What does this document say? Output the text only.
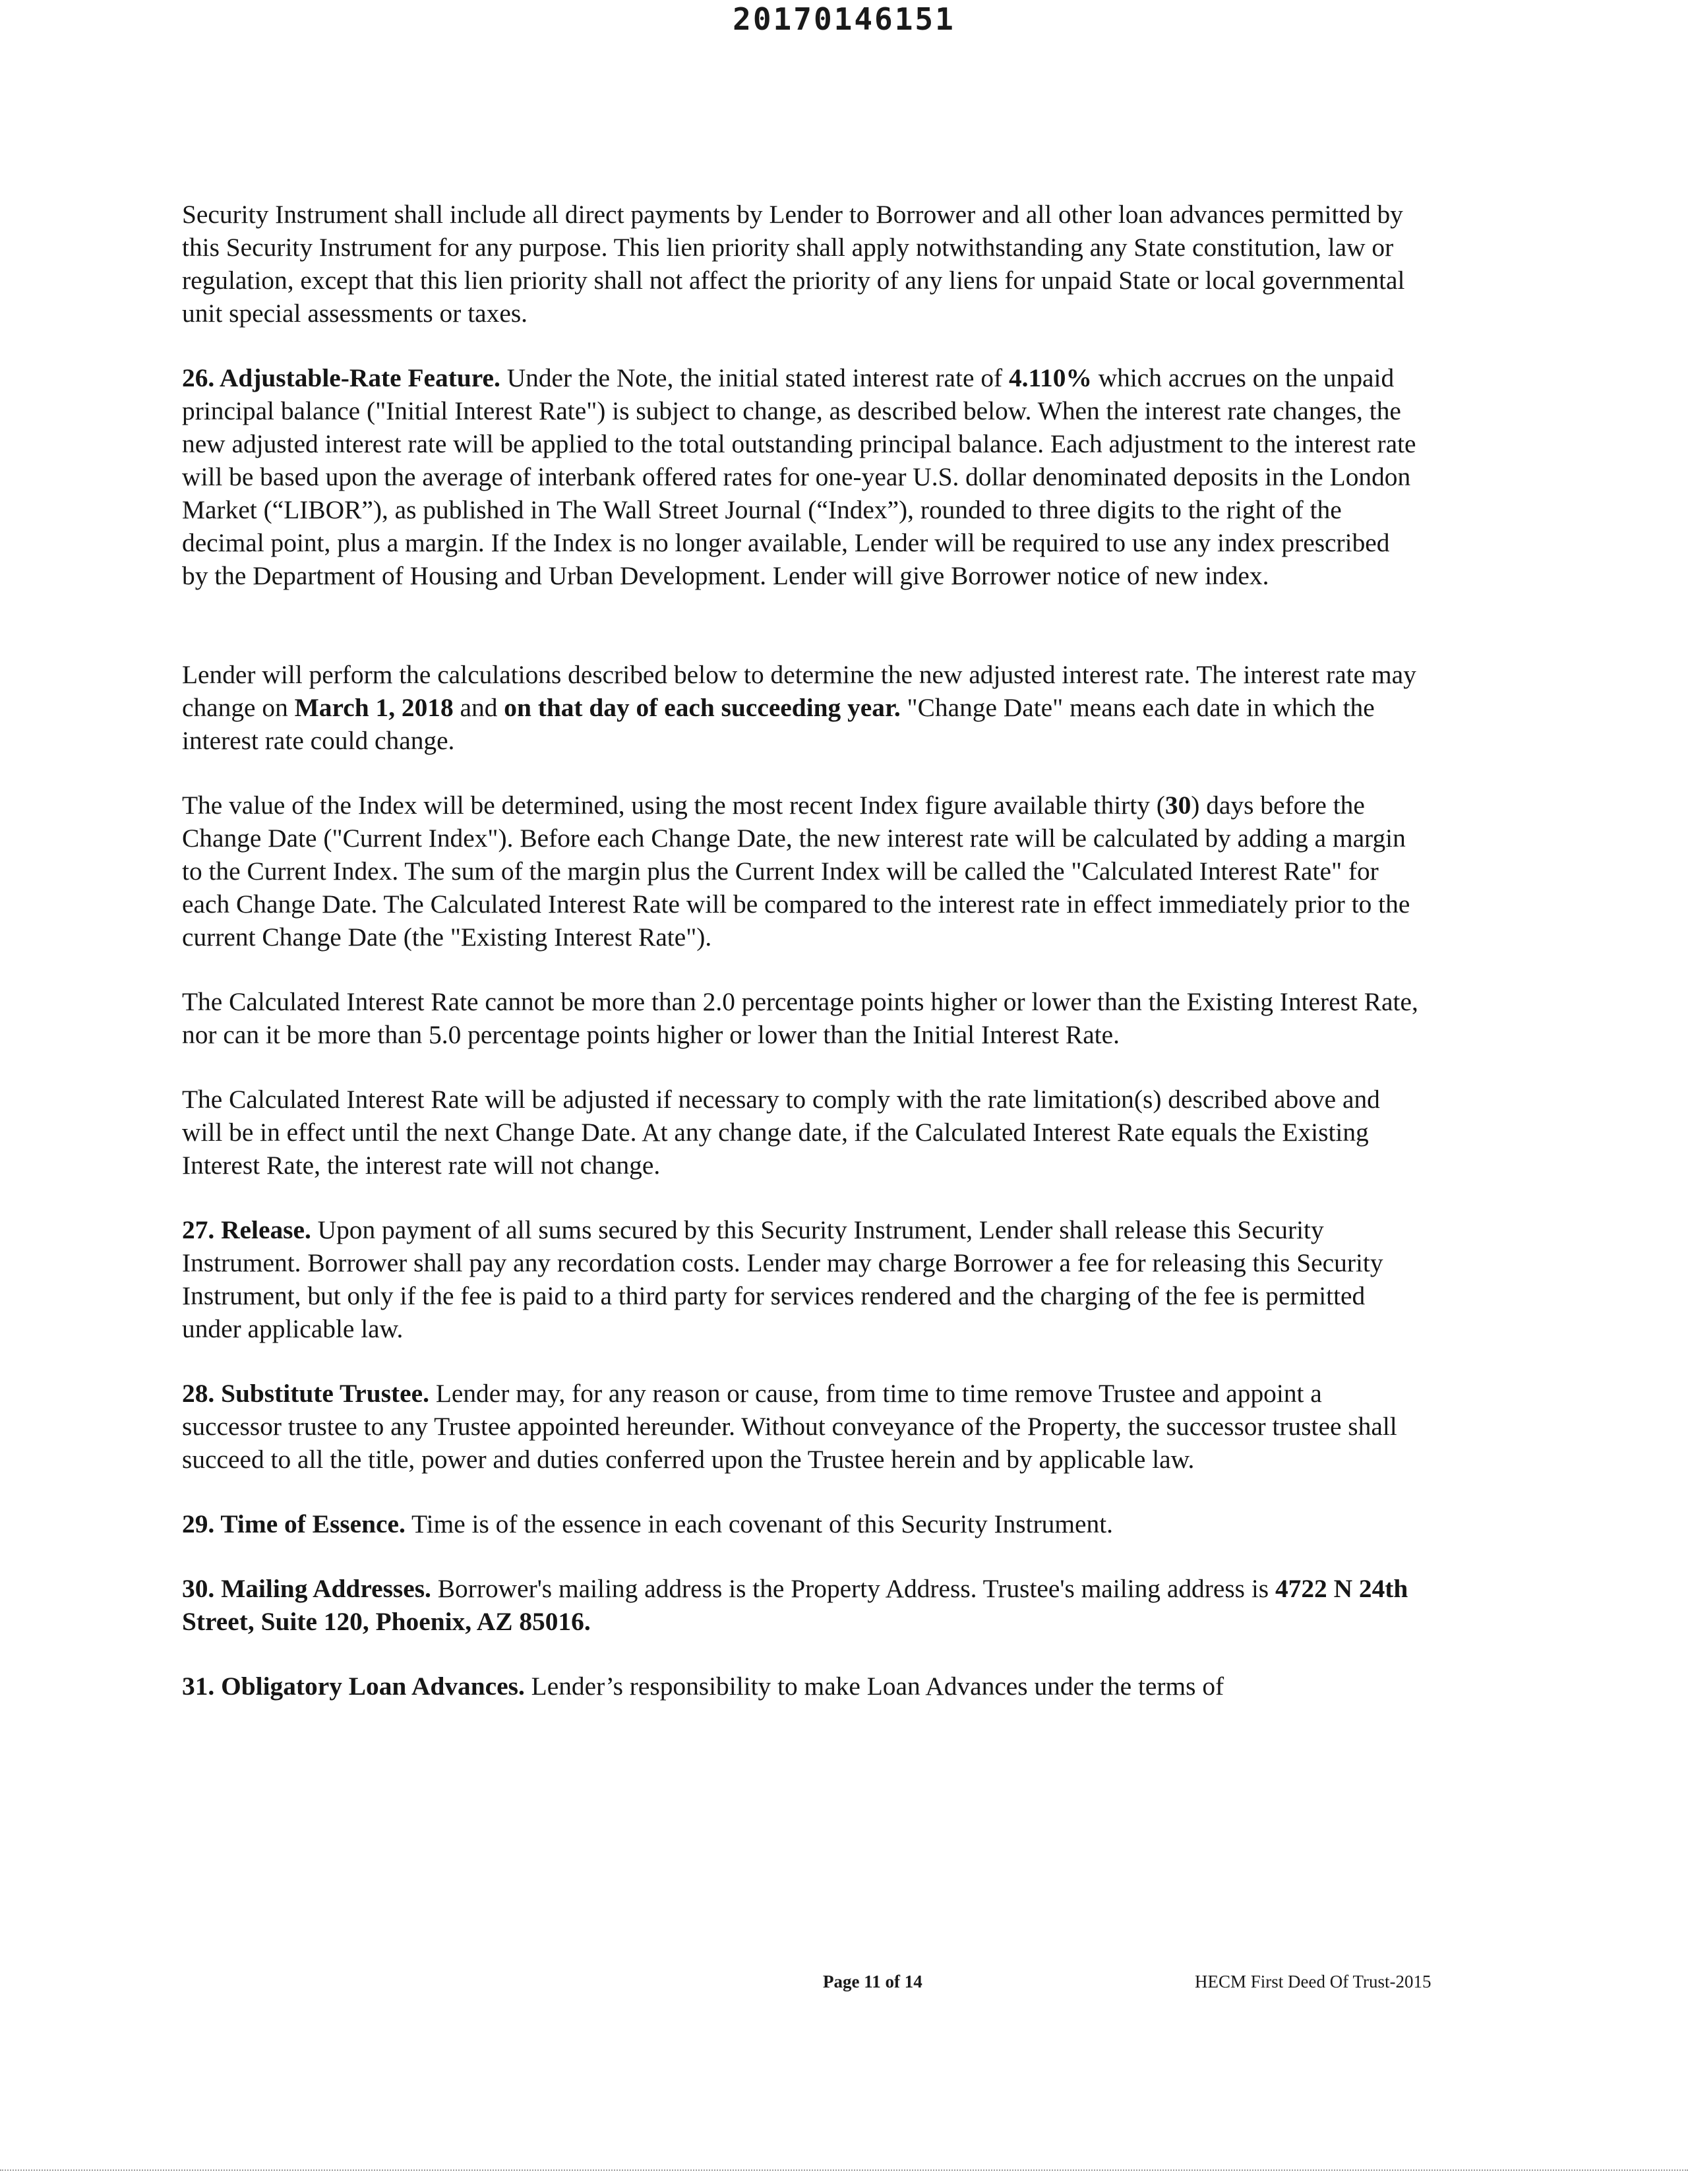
20170146151

Security Instrument shall include all direct payments by Lender to Borrower and all other loan advances permitted by this Security Instrument for any purpose. This lien priority shall apply notwithstanding any State constitution, law or regulation, except that this lien priority shall not affect the priority of any liens for unpaid State or local governmental unit special assessments or taxes.

26. Adjustable-Rate Feature. Under the Note, the initial stated interest rate of 4.110% which accrues on the unpaid principal balance ("Initial Interest Rate") is subject to change, as described below. When the interest rate changes, the new adjusted interest rate will be applied to the total outstanding principal balance. Each adjustment to the interest rate will be based upon the average of interbank offered rates for one-year U.S. dollar denominated deposits in the London Market (“LIBOR”), as published in The Wall Street Journal (“Index”), rounded to three digits to the right of the decimal point, plus a margin. If the Index is no longer available, Lender will be required to use any index prescribed by the Department of Housing and Urban Development. Lender will give Borrower notice of new index.

Lender will perform the calculations described below to determine the new adjusted interest rate. The interest rate may change on March 1, 2018 and on that day of each succeeding year. "Change Date" means each date in which the interest rate could change.

The value of the Index will be determined, using the most recent Index figure available thirty (30) days before the Change Date ("Current Index"). Before each Change Date, the new interest rate will be calculated by adding a margin to the Current Index. The sum of the margin plus the Current Index will be called the "Calculated Interest Rate" for each Change Date. The Calculated Interest Rate will be compared to the interest rate in effect immediately prior to the current Change Date (the "Existing Interest Rate").

The Calculated Interest Rate cannot be more than 2.0 percentage points higher or lower than the Existing Interest Rate, nor can it be more than 5.0 percentage points higher or lower than the Initial Interest Rate.

The Calculated Interest Rate will be adjusted if necessary to comply with the rate limitation(s) described above and will be in effect until the next Change Date. At any change date, if the Calculated Interest Rate equals the Existing Interest Rate, the interest rate will not change.

27. Release. Upon payment of all sums secured by this Security Instrument, Lender shall release this Security Instrument. Borrower shall pay any recordation costs. Lender may charge Borrower a fee for releasing this Security Instrument, but only if the fee is paid to a third party for services rendered and the charging of the fee is permitted under applicable law.

28. Substitute Trustee. Lender may, for any reason or cause, from time to time remove Trustee and appoint a successor trustee to any Trustee appointed hereunder. Without conveyance of the Property, the successor trustee shall succeed to all the title, power and duties conferred upon the Trustee herein and by applicable law.

29. Time of Essence. Time is of the essence in each covenant of this Security Instrument.

30. Mailing Addresses. Borrower's mailing address is the Property Address. Trustee's mailing address is 4722 N 24th Street, Suite 120, Phoenix, AZ 85016.

31. Obligatory Loan Advances. Lender’s responsibility to make Loan Advances under the terms of

Page 11 of 14	HECM First Deed Of Trust-2015
